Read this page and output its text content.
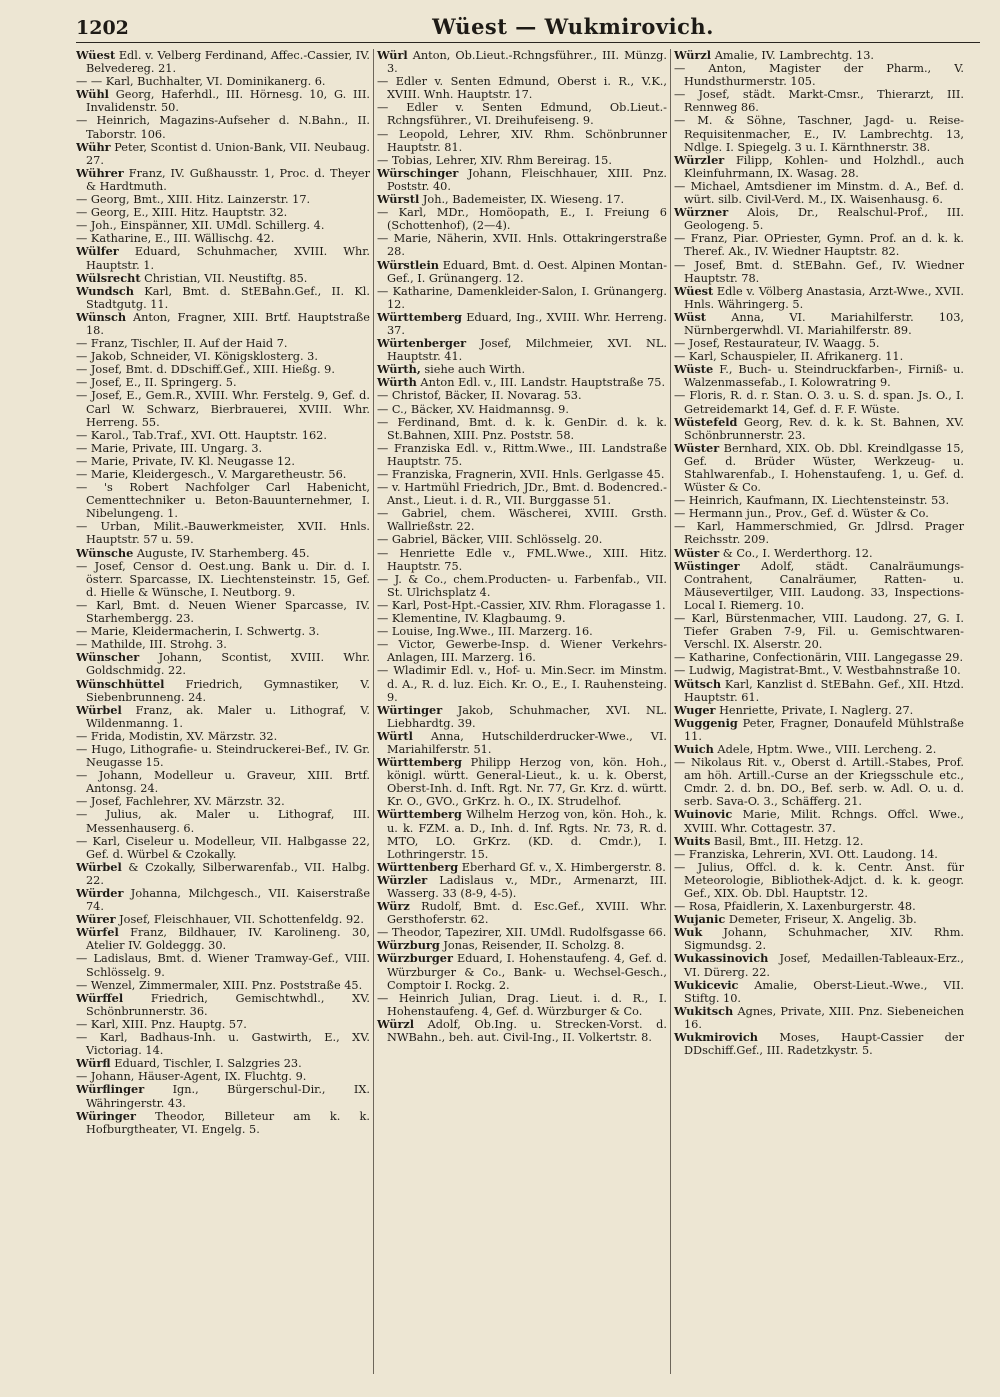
1202	Wüest — Wukmirovich.

Wüest Edl. v. Velberg Ferdinand, Affec.-Cassier, IV. Belvedereg. 21.

— — Karl, Buchhalter, VI. Dominikanerg. 6.

Wühl Georg, Haferhdl., III. Hörnesg. 10, G. III. Invalidenstr. 50.

— Heinrich, Magazins-Aufseher d. N.Bahn., II. Taborstr. 106.

Wühr Peter, Scontist d. Union-Bank, VII. Neubaug. 27.

Wührer Franz, IV. Gußhausstr. 1, Proc. d. Theyer & Hardtmuth.

— Georg, Bmt., XIII. Hitz. Lainzerstr. 17.

— Georg, E., XIII. Hitz. Hauptstr. 32.

— Joh., Einspänner, XII. UMdl. Schillerg. 4.

— Katharine, E., III. Wällischg. 42.

Wülfer Eduard, Schuhmacher, XVIII. Whr. Hauptstr. 1.

Wülsrecht Christian, VII. Neustiftg. 85.

Wundsch Karl, Bmt. d. StEBahn.Gef., II. Kl. Stadtgutg. 11.

Wünsch Anton, Fragner, XIII. Brtf. Hauptstraße 18.

— Franz, Tischler, II. Auf der Haid 7.

— Jakob, Schneider, VI. Königsklosterg. 3.

— Josef, Bmt. d. DDschiff.Gef., XIII. Hießg. 9.

— Josef, E., II. Springerg. 5.

— Josef, E., Gem.R., XVIII. Whr. Ferstelg. 9, Gef. d. Carl W. Schwarz, Bierbrauerei, XVIII. Whr. Herreng. 55.

— Karol., Tab.Traf., XVI. Ott. Hauptstr. 162.

— Marie, Private, III. Ungarg. 3.

— Marie, Private, IV. Kl. Neugasse 12.

— Marie, Kleidergesch., V. Margaretheustr. 56.

— 's Robert Nachfolger Carl Habenicht, Cementtechniker u. Beton-Bauunternehmer, I. Nibelungeng. 1.

— Urban, Milit.-Bauwerkmeister, XVII. Hnls. Hauptstr. 57 u. 59.

Wünsche Auguste, IV. Starhemberg. 45.

— Josef, Censor d. Oest.ung. Bank u. Dir. d. I. österr. Sparcasse, IX. Liechtensteinstr. 15, Gef. d. Hielle & Wünsche, I. Neutborg. 9.

— Karl, Bmt. d. Neuen Wiener Sparcasse, IV. Starhembergg. 23.

— Marie, Kleidermacherin, I. Schwertg. 3.

— Mathilde, III. Strohg. 3.

Wünscher Johann, Scontist, XVIII. Whr. Goldschmidg. 22.

Wünschhüttel Friedrich, Gymnastiker, V. Siebenbrunneng. 24.

Würbel Franz, ak. Maler u. Lithograf, V. Wildenmanng. 1.

— Frida, Modistin, XV. Märzstr. 32.

— Hugo, Lithografie- u. Steindruckerei-Bef., IV. Gr. Neugasse 15.

— Johann, Modelleur u. Graveur, XIII. Brtf. Antonsg. 24.

— Josef, Fachlehrer, XV. Märzstr. 32.

— Julius, ak. Maler u. Lithograf, III. Messenhauserg. 6.

— Karl, Ciseleur u. Modelleur, VII. Halbgasse 22, Gef. d. Würbel & Czokally.

Würbel & Czokally, Silberwarenfab., VII. Halbg. 22.

Würder Johanna, Milchgesch., VII. Kaiserstraße 74.

Würer Josef, Fleischhauer, VII. Schottenfeldg. 92.

Würfel Franz, Bildhauer, IV. Karolineng. 30, Atelier IV. Goldeggg. 30.

— Ladislaus, Bmt. d. Wiener Tramway-Gef., VIII. Schlösselg. 9.

— Wenzel, Zimmermaler, XIII. Pnz. Poststraße 45.

Würffel Friedrich, Gemischtwhdl., XV. Schönbrunnerstr. 36.

— Karl, XIII. Pnz. Hauptg. 57.

— Karl, Badhaus-Inh. u. Gastwirth, E., XV. Victoriag. 14.

Würfl Eduard, Tischler, I. Salzgries 23.

— Johann, Häuser-Agent, IX. Fluchtg. 9.

Würflinger	Ign., Bürgerschul-Dir., IX. Währingerstr. 43.

Würinger Theodor, Billeteur am k. k. Hofburgtheater, VI. Engelg. 5.

Würl Anton, Ob.Lieut.-Rchngsführer., III. Münzg. 3.

— Edler v. Senten Edmund, Oberst i. R., V.K., XVIII. Wnh. Hauptstr. 17.

— Edler v. Senten Edmund, Ob.Lieut.-Rchngsführer., VI. Dreihufeiseng. 9.

— Leopold, Lehrer, XIV. Rhm. Schönbrunner Hauptstr. 81.

— Tobias, Lehrer, XIV. Rhm Bereirag. 15.

Würschinger Johann, Fleischhauer, XIII. Pnz. Poststr. 40.

Würstl Joh., Bademeister, IX. Wieseng. 17.

— Karl, MDr., Homöopath, E., I. Freiung 6 (Schottenhof), (2—4).

— Marie, Näherin, XVII. Hnls. Ottakringerstraße 28.

Würstlein Eduard, Bmt. d. Oest. Alpinen Montan-Gef., I. Grünangerg. 12.

— Katharine, Damenkleider-Salon, I. Grünangerg. 12.

Württemberg Eduard, Ing., XVIII. Whr. Herreng. 37.

Würtenberger Josef, Milchmeier, XVI. NL. Hauptstr. 41.

Würth, siehe auch Wirth.

Würth Anton Edl. v., III. Landstr. Hauptstraße 75.

— Christof, Bäcker, II. Novarag. 53.

— C., Bäcker, XV. Haidmannsg. 9.

— Ferdinand, Bmt. d. k. k. GenDir. d. k. k. St.Bahnen, XIII. Pnz. Poststr. 58.

— Franziska Edl. v., Rittm.Wwe., III. Landstraße Hauptstr. 75.

— Franziska, Fragnerin, XVII. Hnls. Gerlgasse 45.

— v. Hartmühl Friedrich, JDr., Bmt. d. Bodencred.-Anst., Lieut. i. d. R., VII. Burggasse 51.

— Gabriel, chem. Wäscherei, XVIII. Grsth. Wallrießstr. 22.

— Gabriel, Bäcker, VIII. Schlösselg. 20.

— Henriette Edle v., FML.Wwe., XIII. Hitz. Hauptstr. 75.

— J. & Co., chem.Producten- u. Farbenfab., VII. St. Ulrichsplatz 4.

— Karl, Post-Hpt.-Cassier, XIV. Rhm. Floragasse 1.

— Klementine, IV. Klagbaumg. 9.

— Louise, Ing.Wwe., III. Marzerg. 16.

— Victor, Gewerbe-Insp. d. Wiener Verkehrs-Anlagen, III. Marzerg. 16.

— Wladimir Edl. v., Hof- u. Min.Secr. im Minstm. d. A., R. d. luz. Eich. Kr. O., E., I. Rauhensteing. 9.

Würtinger Jakob, Schuhmacher, XVI. NL. Liebhardtg. 39.

Würtl Anna, Hutschilderdrucker-Wwe., VI. Mariahilferstr. 51.

Württemberg Philipp Herzog von, kön. Hoh., königl. württ. General-Lieut., k. u. k. Oberst, Oberst-Inh. d. Inft. Rgt. Nr. 77, Gr. Krz. d. württ. Kr. O., GVO., GrKrz. h. O., IX. Strudelhof.

Württemberg Wilhelm Herzog von, kön. Hoh., k. u. k. FZM. a. D., Inh. d. Inf. Rgts. Nr. 73, R. d. MTO, LO. GrKrz. (KD. d. Cmdr.), I. Lothringerstr. 15.

Württenberg Eberhard Gf. v., X. Himbergerstr. 8.

Würzler Ladislaus v., MDr., Armenarzt, III. Wasserg. 33 (8-9, 4-5).

Würz Rudolf, Bmt. d. Esc.Gef., XVIII. Whr. Gersthoferstr. 62.

— Theodor, Tapezirer, XII. UMdl. Rudolfsgasse 66.

Würzburg Jonas, Reisender, II. Scholzg. 8.

Würzburger Eduard, I. Hohenstaufeng. 4, Gef. d. Würzburger & Co., Bank- u. Wechsel-Gesch., Comptoir I. Rockg. 2.

— Heinrich Julian, Drag. Lieut. i. d. R., I. Hohenstaufeng. 4, Gef. d. Würzburger & Co.

Würzl Adolf, Ob.Ing. u. Strecken-Vorst. d. NWBahn., beh. aut. Civil-Ing., II. Volkertstr. 8.

Würzl Amalie, IV. Lambrechtg. 13.

— Anton, Magister der Pharm., V. Hundsthurmerstr. 105.

— Josef, städt. Markt-Cmsr., Thierarzt, III. Rennweg 86.

— M. & Söhne, Taschner, Jagd- u. Reise-Requisitenmacher, E., IV. Lambrechtg. 13, Ndlge. I. Spiegelg. 3 u. I. Kärnthnerstr. 38.

Würzler Filipp, Kohlen- und Holzhdl., auch Kleinfuhrmann, IX. Wasag. 28.

— Michael, Amtsdiener im Minstm. d. A., Bef. d. würt. silb. Civil-Verd. M., IX. Waisenhausg. 6.

Würzner Alois, Dr., Realschul-Prof., III. Geologeng. 5.

— Franz, Piar. OPriester, Gymn. Prof. an d. k. k. Theref. Ak., IV. Wiedner Hauptstr. 82.

— Josef, Bmt. d. StEBahn. Gef., IV. Wiedner Hauptstr. 78.

Wüest Edle v. Völberg Anastasia, Arzt-Wwe., XVII. Hnls. Währingerg. 5.

Wüst Anna, VI. Mariahilferstr. 103, Nürnbergerwhdl. VI. Mariahilferstr. 89.

— Josef, Restaurateur, IV. Waagg. 5.

— Karl, Schauspieler, II. Afrikanerg. 11.

Wüste F., Buch- u. Steindruckfarben-, Firniß- u. Walzenmassefab., I. Kolowratring 9.

— Floris, R. d. r. Stan. O. 3. u. S. d. span. Js. O., I. Getreidemarkt 14, Gef. d. F. F. Wüste.

Wüstefeld Georg, Rev. d. k. k. St. Bahnen, XV. Schönbrunnerstr. 23.

Wüster Bernhard, XIX. Ob. Dbl. Kreindlgasse 15, Gef. d. Brüder Wüster, Werkzeug- u. Stahlwarenfab., I. Hohenstaufeng. 1, u. Gef. d. Wüster & Co.

— Heinrich, Kaufmann, IX. Liechtensteinstr. 53.

— Hermann jun., Prov., Gef. d. Wüster & Co.

— Karl, Hammerschmied, Gr. Jdlrsd. Prager Reichsstr. 209.

Wüster & Co., I. Werderthorg. 12.

Wüstinger Adolf, städt. Canalräumungs-Contrahent, Canalräumer, Ratten- u. Mäusevertilger, VIII. Laudong. 33, Inspections-Local I. Riemerg. 10.

— Karl, Bürstenmacher, VIII. Laudong. 27, G. I. Tiefer Graben 7-9, Fil. u. Gemischtwaren-Verschl. IX. Alserstr. 20.

— Katharine, Confectionärin, VIII. Langegasse 29.

— Ludwig, Magistrat-Bmt., V. Westbahnstraße 10.

Wütsch Karl, Kanzlist d. StEBahn. Gef., XII. Htzd. Hauptstr. 61.

Wuger Henriette, Private, I. Naglerg. 27.

Wuggenig Peter, Fragner, Donaufeld Mühlstraße 11.

Wuich Adele, Hptm. Wwe., VIII. Lercheng. 2.

— Nikolaus Rit. v., Oberst d. Artill.-Stabes, Prof. am höh. Artill.-Curse an der Kriegsschule etc., Cmdr. 2. d. bn. DO., Bef. serb. w. Adl. O. u. d. serb. Sava-O. 3., Schäfferg. 21.

Wuinovic Marie, Milit. Rchngs. Offcl. Wwe., XVIII. Whr. Cottagestr. 37.

Wuits Basil, Bmt., III. Hetzg. 12.

— Franziska, Lehrerin, XVI. Ott. Laudong. 14.

— Julius, Offcl. d. k. k. Centr. Anst. für Meteorologie, Bibliothek-Adjct. d. k. k. geogr. Gef., XIX. Ob. Dbl. Hauptstr. 12.

— Rosa, Pfaidlerin, X. Laxenburgerstr. 48.

Wujanic Demeter, Friseur, X. Angelig. 3b.

Wuk Johann, Schuhmacher, XIV. Rhm. Sigmundsg. 2.

Wukassinovich Josef, Medaillen-Tableaux-Erz., VI. Dürerg. 22.

Wukicevic Amalie, Oberst-Lieut.-Wwe., VII. Stiftg. 10.

Wukitsch Agnes, Private, XIII. Pnz. Siebeneichen 16.

Wukmirovich Moses, Haupt-Cassier der DDschiff.Gef., III. Radetzkystr. 5.
